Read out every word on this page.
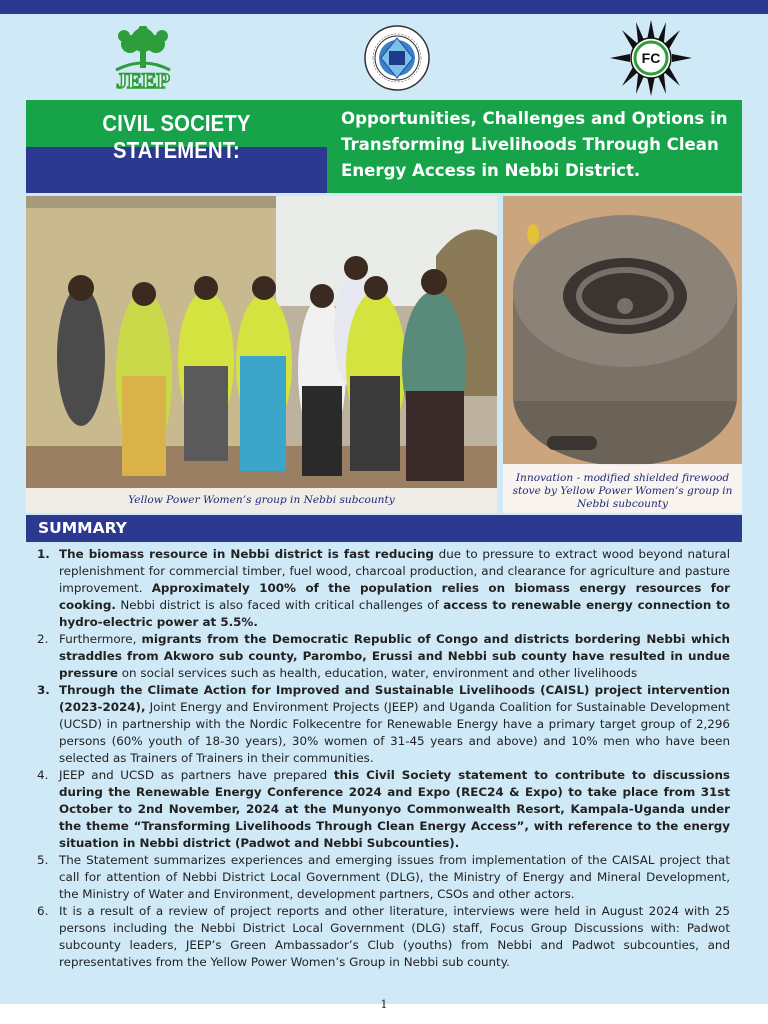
JEEP
FC
CIVIL SOCIETY STATEMENT:
Opportunities, Challenges and Options in Transforming Livelihoods Through Clean Energy Access in Nebbi District.
Yellow Power Women’s group in Nebbi subcounty
Innovation - modified shielded firewood stove by Yellow Power Women’s group in Nebbi subcounty
SUMMARY
1. The biomass resource in Nebbi district is fast reducing due to pressure to extract wood beyond natural replenishment for commercial timber, fuel wood, charcoal production, and clearance for agriculture and pasture improvement. Approximately 100% of the population relies on biomass energy resources for cooking. Nebbi district is also faced with critical challenges of access to renewable energy connection to hydro-electric power at 5.5%.
2. Furthermore, migrants from the Democratic Republic of Congo and districts bordering Nebbi which straddles from Akworo sub county, Parombo, Erussi and Nebbi sub county have resulted in undue pressure on social services such as health, education, water, environment and other livelihoods
3. Through the Climate Action for Improved and Sustainable Livelihoods (CAISL) project intervention (2023-2024), Joint Energy and Environment Projects (JEEP) and Uganda Coalition for Sustainable Development (UCSD) in partnership with the Nordic Folkecentre for Renewable Energy have a primary target group of 2,296 persons (60% youth of 18-30 years), 30% women of 31-45 years and above) and 10% men who have been selected as Trainers of Trainers in their communities.
4. JEEP and UCSD as partners have prepared this Civil Society statement to contribute to discussions during the Renewable Energy Conference 2024 and Expo (REC24 & Expo) to take place from 31st October to 2nd November, 2024 at the Munyonyo Commonwealth Resort, Kampala-Uganda under the theme “Transforming Livelihoods Through Clean Energy Access”, with reference to the energy situation in Nebbi district (Padwot and Nebbi Subcounties).
5. The Statement summarizes experiences and emerging issues from implementation of the CAISAL project that call for attention of Nebbi District Local Government (DLG), the Ministry of Energy and Mineral Development, the Ministry of Water and Environment, development partners, CSOs and other actors.
6. It is a result of a review of project reports and other literature, interviews were held in August 2024 with 25 persons including the Nebbi District Local Government (DLG) staff, Focus Group Discussions with: Padwot subcounty leaders, JEEP’s Green Ambassador’s Club (youths) from Nebbi and Padwot subcounties, and representatives from the Yellow Power Women’s Group in Nebbi sub county.
1
